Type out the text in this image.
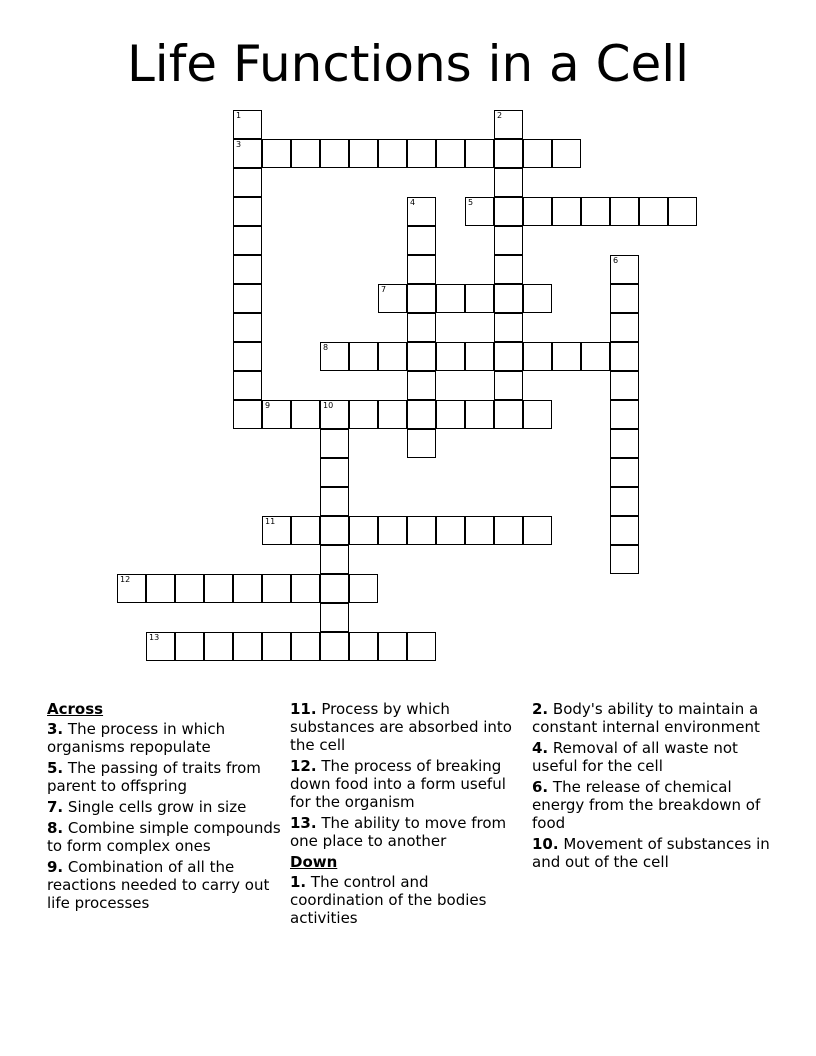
Life Functions in a Cell
3
5
7
8
9	10
11
12
13
1	2
4
6
Across
3. The process in which organisms repopulate
5. The passing of traits from parent to offspring
7. Single cells grow in size
8. Combine simple compounds to form complex ones
9. Combination of all the reactions needed to carry out life processes
11. Process by which substances are absorbed into the cell
12. The process of breaking down food into a form useful for the organism
13. The ability to move from one place to another
Down
1. The control and coordination of the bodies activities
2. Body's ability to maintain a constant internal environment
4. Removal of all waste not useful for the cell
6. The release of chemical energy from the breakdown of food
10. Movement of substances in and out of the cell
